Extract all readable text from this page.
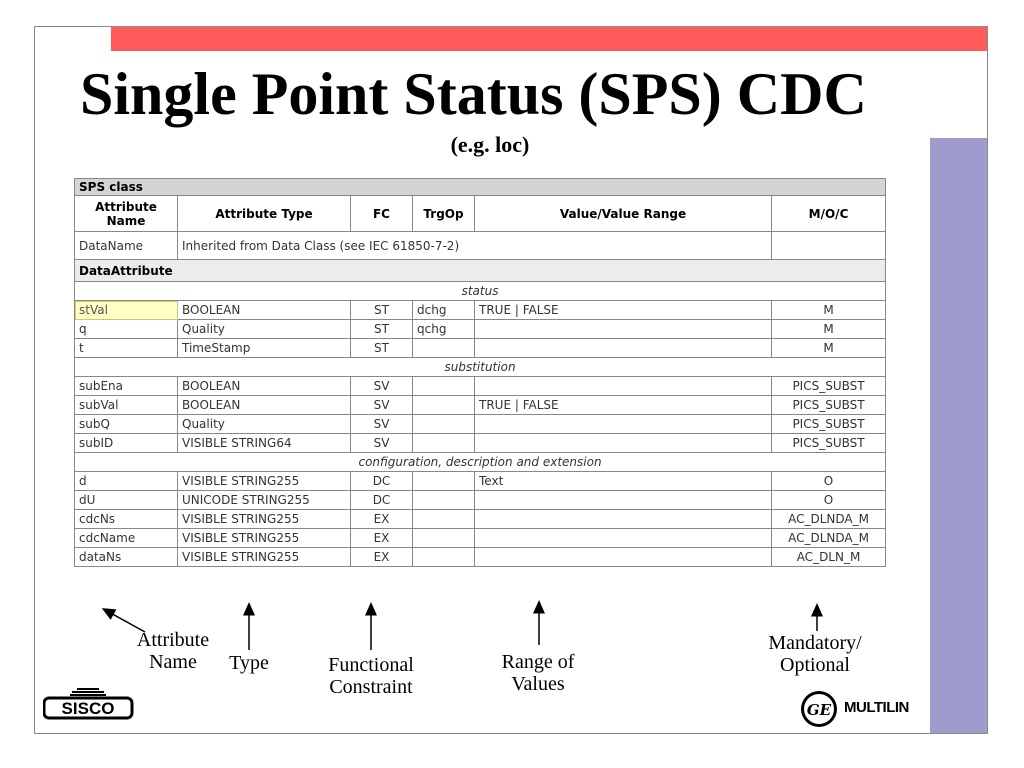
Single Point Status (SPS) CDC
(e.g. loc)
SPS class					
Attribute Name	Attribute Type	FC	TrgOp	Value/Value Range	M/O/C
DataName	Inherited from Data Class (see IEC 61850-7-2)				
DataAttribute					
status					
stVal	BOOLEAN	ST	dchg	TRUE | FALSE	M
q	Quality	ST	qchg		M
t	TimeStamp	ST			M
substitution					
subEna	BOOLEAN	SV			PICS_SUBST
subVal	BOOLEAN	SV		TRUE | FALSE	PICS_SUBST
subQ	Quality	SV			PICS_SUBST
subID	VISIBLE STRING64	SV			PICS_SUBST
configuration, description and extension					
d	VISIBLE STRING255	DC		Text	O
dU	UNICODE STRING255	DC			O
cdcNs	VISIBLE STRING255	EX			AC_DLNDA_M
cdcName	VISIBLE STRING255	EX			AC_DLNDA_M
dataNs	VISIBLE STRING255	EX			AC_DLN_M
Attribute
Name	Type	Functional
Constraint
Range of
Values
Mandatory/
Optional
SISCO	GE MULTILIN
